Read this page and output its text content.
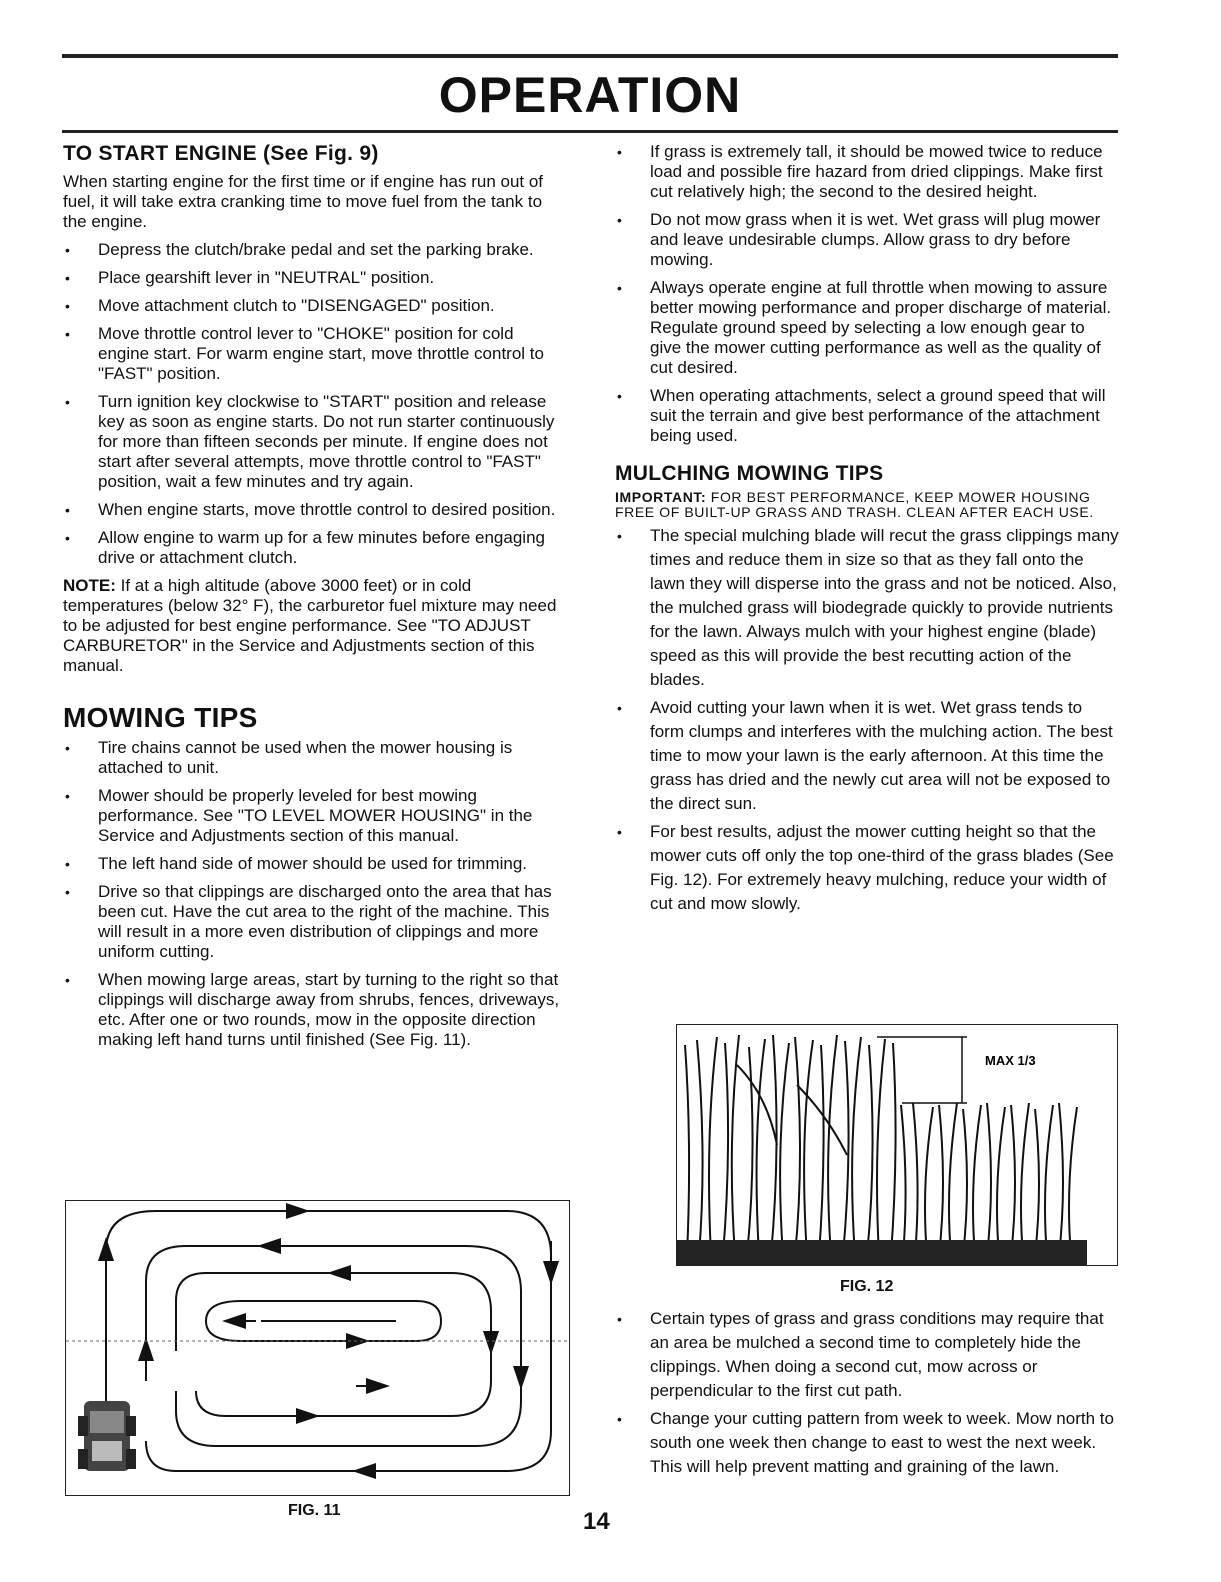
OPERATION
TO START ENGINE (See Fig. 9)

When starting engine for the first time or if engine has run out of fuel, it will take extra cranking time to move fuel from the tank to the engine.

• Depress the clutch/brake pedal and set the parking brake.
• Place gearshift lever in "NEUTRAL" position.
• Move attachment clutch to "DISENGAGED" position.
• Move throttle control lever to "CHOKE" position for cold engine start. For warm engine start, move throttle control to "FAST" position.
• Turn ignition key clockwise to "START" position and release key as soon as engine starts. Do not run starter continuously for more than fifteen seconds per minute. If engine does not start after several attempts, move throttle control to "FAST" position, wait a few minutes and try again.
• When engine starts, move throttle control to desired position.
• Allow engine to warm up for a few minutes before engaging drive or attachment clutch.

NOTE: If at a high altitude (above 3000 feet) or in cold temperatures (below 32° F), the carburetor fuel mixture may need to be adjusted for best engine performance. See "TO ADJUST CARBURETOR" in the Service and Adjustments section of this manual.

MOWING TIPS
• Tire chains cannot be used when the mower housing is attached to unit.
• Mower should be properly leveled for best mowing performance. See "TO LEVEL MOWER HOUSING" in the Service and Adjustments section of this manual.
• The left hand side of mower should be used for trimming.
• Drive so that clippings are discharged onto the area that has been cut. Have the cut area to the right of the machine. This will result in a more even distribution of clippings and more uniform cutting.
• When mowing large areas, start by turning to the right so that clippings will discharge away from shrubs, fences, driveways, etc. After one or two rounds, mow in the opposite direction making left hand turns until finished (See Fig. 11).
FIG. 11
• If grass is extremely tall, it should be mowed twice to reduce load and possible fire hazard from dried clippings. Make first cut relatively high; the second to the desired height.
• Do not mow grass when it is wet. Wet grass will plug mower and leave undesirable clumps. Allow grass to dry before mowing.
• Always operate engine at full throttle when mowing to assure better mowing performance and proper discharge of material. Regulate ground speed by selecting a low enough gear to give the mower cutting performance as well as the quality of cut desired.
• When operating attachments, select a ground speed that will suit the terrain and give best performance of the attachment being used.
MULCHING MOWING TIPS

IMPORTANT: FOR BEST PERFORMANCE, KEEP MOWER HOUSING FREE OF BUILT-UP GRASS AND TRASH. CLEAN AFTER EACH USE.

• The special mulching blade will recut the grass clippings many times and reduce them in size so that as they fall onto the lawn they will disperse into the grass and not be noticed. Also, the mulched grass will biodegrade quickly to provide nutrients for the lawn. Always mulch with your highest engine (blade) speed as this will provide the best recutting action of the blades.
• Avoid cutting your lawn when it is wet. Wet grass tends to form clumps and interferes with the mulching action. The best time to mow your lawn is the early afternoon. At this time the grass has dried and the newly cut area will not be exposed to the direct sun.
• For best results, adjust the mower cutting height so that the mower cuts off only the top one-third of the grass blades (See Fig. 12). For extremely heavy mulching, reduce your width of cut and mow slowly.
MAX 1/3
FIG. 12
• Certain types of grass and grass conditions may require that an area be mulched a second time to completely hide the clippings. When doing a second cut, mow across or perpendicular to the first cut path.
• Change your cutting pattern from week to week. Mow north to south one week then change to east to west the next week. This will help prevent matting and graining of the lawn.
14
